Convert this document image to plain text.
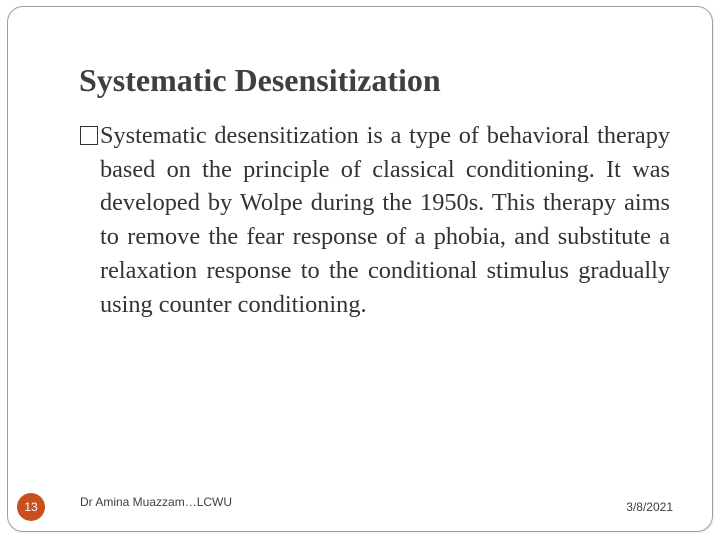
Systematic Desensitization
Systematic desensitization is a type of behavioral therapy based on the principle of classical conditioning. It was developed by Wolpe during the 1950s. This therapy aims to remove the fear response of a phobia, and substitute a relaxation response to the conditional stimulus gradually using counter conditioning.
13	Dr Amina Muazzam…LCWU	3/8/2021
